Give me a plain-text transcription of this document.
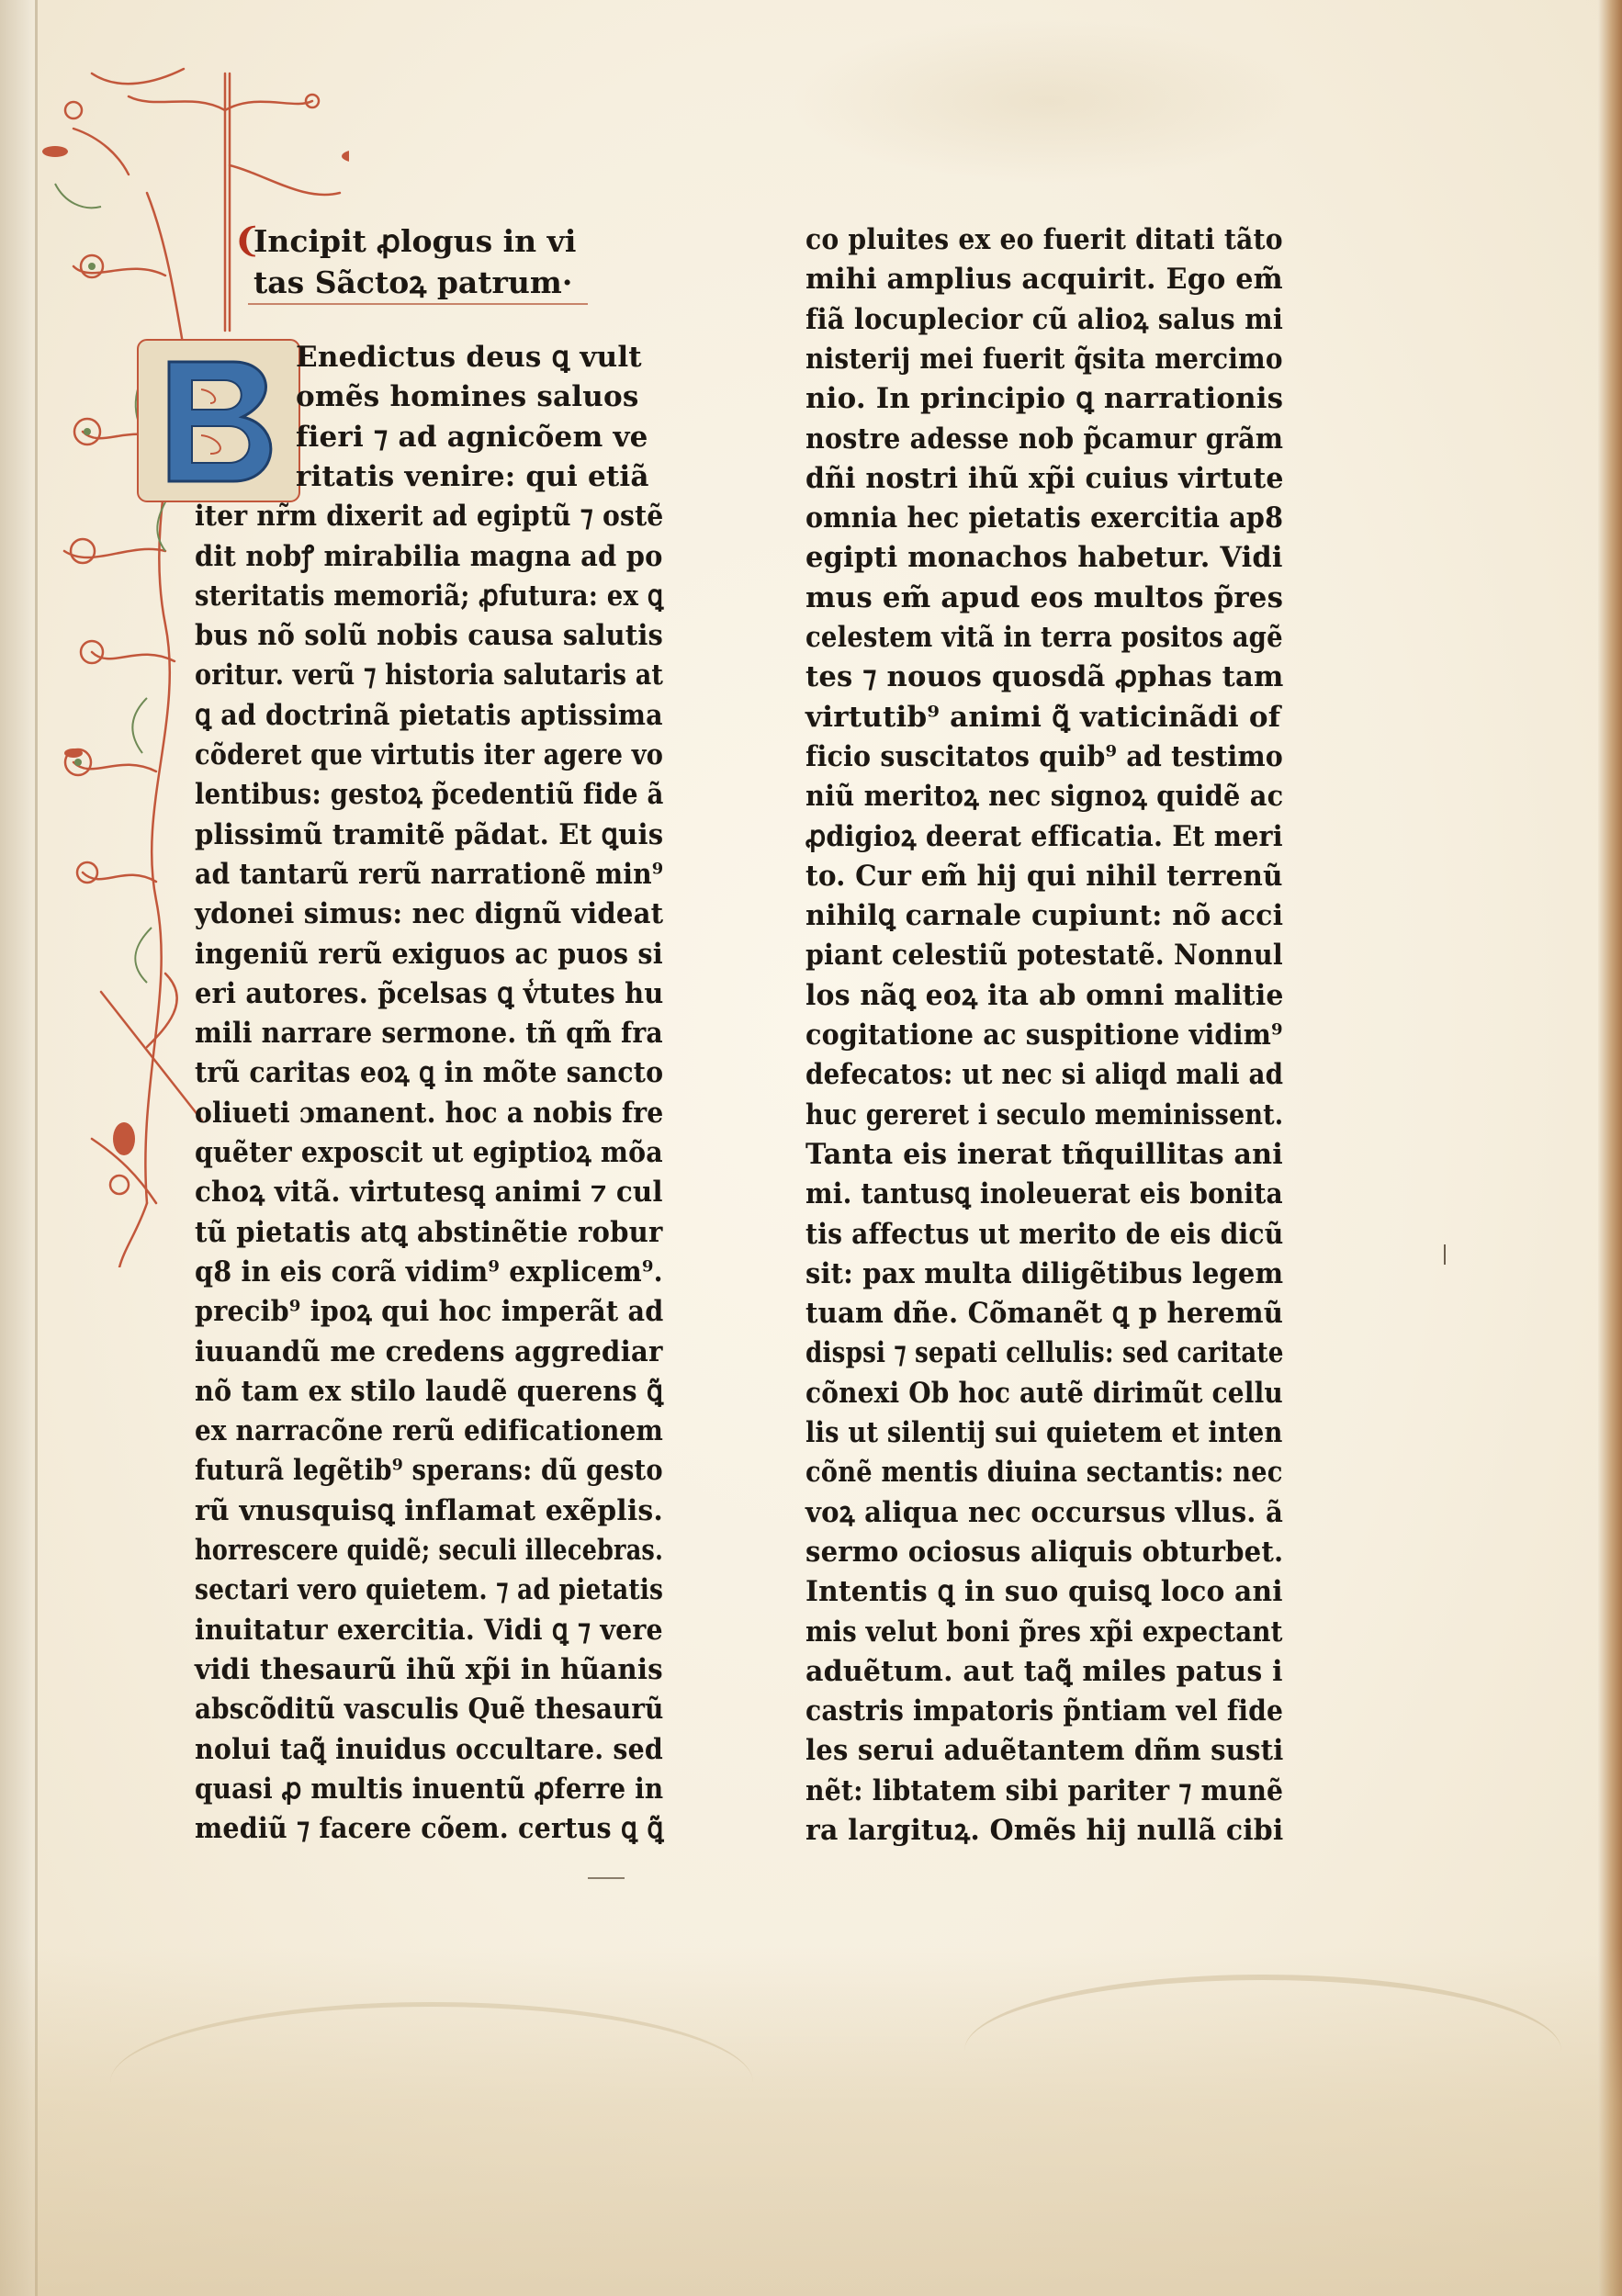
❨
Incipit ꝓlogus in vi
tas Sãctoꝝ patrum·
B
Enedictus deus ꝗ vult
omẽs homines saluos
fieri ⁊ ad agnicõem ve
ritatis venire: qui etiã
iter nr̃m dixerit ad egiptũ ⁊ ostẽ
dit nobꝭ mirabilia magna ad po
steritatis memoriã; ꝓfutura: ex ꝗ
bus nõ solũ nobis causa salutis
oritur. verũ ⁊ historia salutaris at
ꝗ ad doctrinã pietatis aptissima
cõderet que virtutis iter agere vo
lentibus: gestoꝝ p̃cedentiũ fide ã
plissimũ tramitẽ pãdat. Et ꝗuis
ad tantarũ rerũ narrationẽ min⁹
ydonei simus: nec dignũ videat
ingeniũ rerũ exiguos ac puos si
eri autores. p̃celsas ꝗ v̾tutes hu
mili narrare sermone. tñ qm̃ fra
trũ caritas eoꝝ ꝗ in mõte sancto
oliueti ɔmanent. hoc a nobis fre
quẽter exposcit ut egiptioꝝ mõa
choꝝ vitã. virtutesꝗ animi ⁊ cul
tũ pietatis atꝗ abstinẽtie robur
q8 in eis corã vidim⁹ explicem⁹.
precib⁹ ipoꝝ qui hoc imperãt ad
iuuandũ me credens aggrediar
nõ tam ex stilo laudẽ querens ꝗ̃
ex narracõne rerũ edificationem
futurã legẽtib⁹ sperans: dũ gesto
rũ vnusquisꝗ inflamat exẽplis.
horrescere quidẽ; seculi illecebras.
sectari vero quietem. ⁊ ad pietatis
inuitatur exercitia. Vidi ꝗ ⁊ vere
vidi thesaurũ ihũ xp̃i in hũanis
abscõditũ vasculis Quẽ thesaurũ
nolui taꝗ̃ inuidus occultare. sed
quasi ꝓ multis inuentũ ꝓferre in
mediũ ⁊ facere cõem. certus ꝗ ꝗ̃
co pluites ex eo fuerit ditati tãto
mihi amplius acquirit. Ego em̃
fiã locuplecior cũ alioꝝ salus mi
nisterij mei fuerit q̃sita mercimo
nio. In principio ꝗ narrationis
nostre adesse nob p̃camur grãm
dñi nostri ihũ xp̃i cuius virtute
omnia hec pietatis exercitia ap8
egipti monachos habetur. Vidi
mus em̃ apud eos multos p̃res
celestem vitã in terra positos agẽ
tes ⁊ nouos quosdã ꝓphas tam
virtutib⁹ animi ꝗ̃ vaticinãdi of
ficio suscitatos quib⁹ ad testimo
niũ meritoꝝ nec signoꝝ quidẽ ac
ꝓdigioꝝ deerat efficatia. Et meri
to. Cur em̃ hij qui nihil terrenũ
nihilꝗ carnale cupiunt: nõ acci
piant celestiũ potestatẽ. Nonnul
los nãꝗ eoꝝ ita ab omni malitie
cogitatione ac suspitione vidim⁹
defecatos: ut nec si aliqd mali ad
huc gereret i seculo meminissent.
Tanta eis inerat tñquillitas ani
mi. tantusꝗ inoleuerat eis bonita
tis affectus ut merito de eis dicũ
sit: pax multa diligẽtibus legem
tuam dñe. Cõmanẽt ꝗ p heremũ
dispsi ⁊ sepati cellulis: sed caritate
cõnexi Ob hoc autẽ dirimũt cellu
lis ut silentij sui quietem et inten
cõnẽ mentis diuina sectantis: nec
voꝝ aliqua nec occursus vllus. ã
sermo ociosus aliquis obturbet.
Intentis ꝗ in suo quisꝗ loco ani
mis velut boni p̃res xp̃i expectant
aduẽtum. aut taꝗ̃ miles patus i
castris impatoris p̃ntiam vel fide
les serui aduẽtantem dñm susti
nẽt: libtatem sibi pariter ⁊ munẽ
ra largituꝝ. Omẽs hij nullã cibi
